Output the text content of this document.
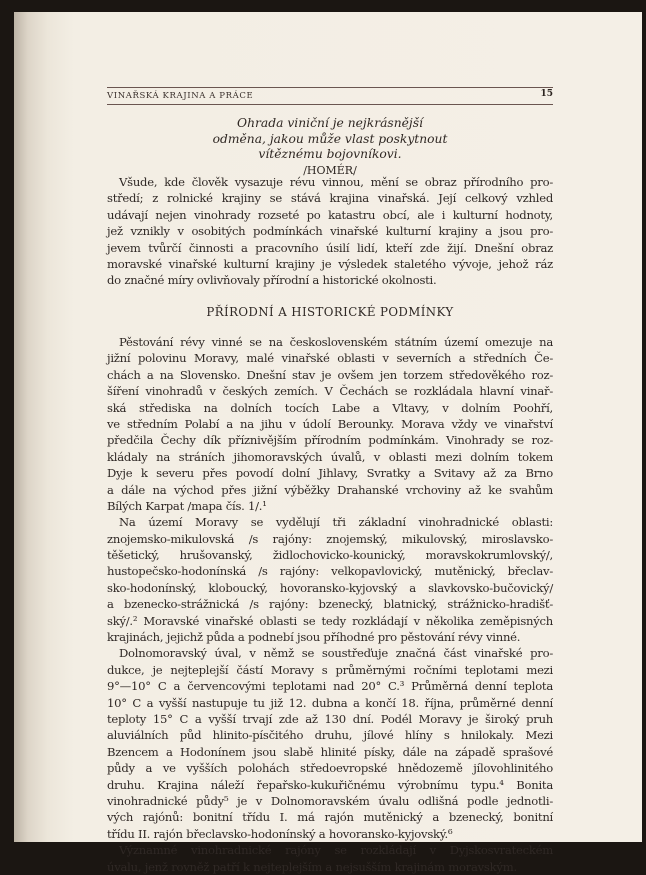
VINAŘSKÁ KRAJINA A PRÁCE	15
Ohrada viniční je nejkrásnější
odměna, jakou může vlast poskytnout
vítěznému bojovníkovi.
/HOMÉR/
Všude, kde člověk vysazuje révu vinnou, mění se obraz přírodního pro-
středí; z rolnické krajiny se stává krajina vinařská. Její celkový vzhled
udávají nejen vinohrady rozseté po katastru obcí, ale i kulturní hodnoty,
jež vznikly v osobitých podmínkách vinařské kulturní krajiny a jsou pro-
jevem tvůrčí činnosti a pracovního úsilí lidí, kteří zde žijí. Dnešní obraz
moravské vinařské kulturní krajiny je výsledek staletého vývoje, jehož ráz
do značné míry ovlivňovaly přírodní a historické okolnosti.
PŘÍRODNÍ A HISTORICKÉ PODMÍNKY
Pěstování révy vinné se na československém státním území omezuje na
jižní polovinu Moravy, malé vinařské oblasti v severních a středních Če-
chách a na Slovensko. Dnešní stav je ovšem jen torzem středověkého roz-
šíření vinohradů v českých zemích. V Čechách se rozkládala hlavní vinař-
ská střediska na dolních tocích Labe a Vltavy, v dolním Poohří,
ve středním Polabí a na jihu v údolí Berounky. Morava vždy ve vinařství
předčila Čechy dík příznivějším přírodním podmínkám. Vinohrady se roz-
kládaly na stráních jihomoravských úvalů, v oblasti mezi dolním tokem
Dyje k severu přes povodí dolní Jihlavy, Svratky a Svitavy až za Brno
a dále na východ přes jižní výběžky Drahanské vrchoviny až ke svahům
Bílých Karpat /mapa čís. 1/.¹
Na území Moravy se vydělují tři základní vinohradnické oblasti:
znojemsko-mikulovská /s rajóny: znojemský, mikulovský, miroslavsko-
těšetický, hrušovanský, židlochovicko-kounický, moravskokrumlovský/,
hustopečsko-hodonínská /s rajóny: velkopavlovický, mutěnický, břeclav-
sko-hodonínský, kloboucký, hovoransko-kyjovský a slavkovsko-bučovický/
a bzenecko-strážnická /s rajóny: bzenecký, blatnický, strážnicko-hradišť-
ský/.² Moravské vinařské oblasti se tedy rozkládají v několika zeměpisných
krajinách, jejichž půda a podnebí jsou příhodné pro pěstování révy vinné.
Dolnomoravský úval, v němž se soustřeďuje značná část vinařské pro-
dukce, je nejteplejší částí Moravy s průměrnými ročními teplotami mezi
9°—10° C a červencovými teplotami nad 20° C.³ Průměrná denní teplota
10° C a vyšší nastupuje tu již 12. dubna a končí 18. října, průměrné denní
teploty 15° C a vyšší trvají zde až 130 dní. Podél Moravy je široký pruh
aluviálních půd hlinito-písčitého druhu, jílové hlíny s hnilokaly. Mezi
Bzencem a Hodonínem jsou slabě hlinité písky, dále na západě sprašové
půdy a ve vyšších polohách středoevropské hnědozemě jílovohlinitého
druhu. Krajina náleží řepařsko-kukuřičnému výrobnímu typu.⁴ Bonita
vinohradnické půdy⁵ je v Dolnomoravském úvalu odlišná podle jednotli-
vých rajónů: bonitní třídu I. má rajón mutěnický a bzenecký, bonitní
třídu II. rajón břeclavsko-hodonínský a hovoransko-kyjovský.⁶
Významné vinohradnické rajóny se rozkládají v Dyjskosvrateckém
úvalu, jenž rovněž patří k nejteplejším a nejsušším krajinám moravským.
